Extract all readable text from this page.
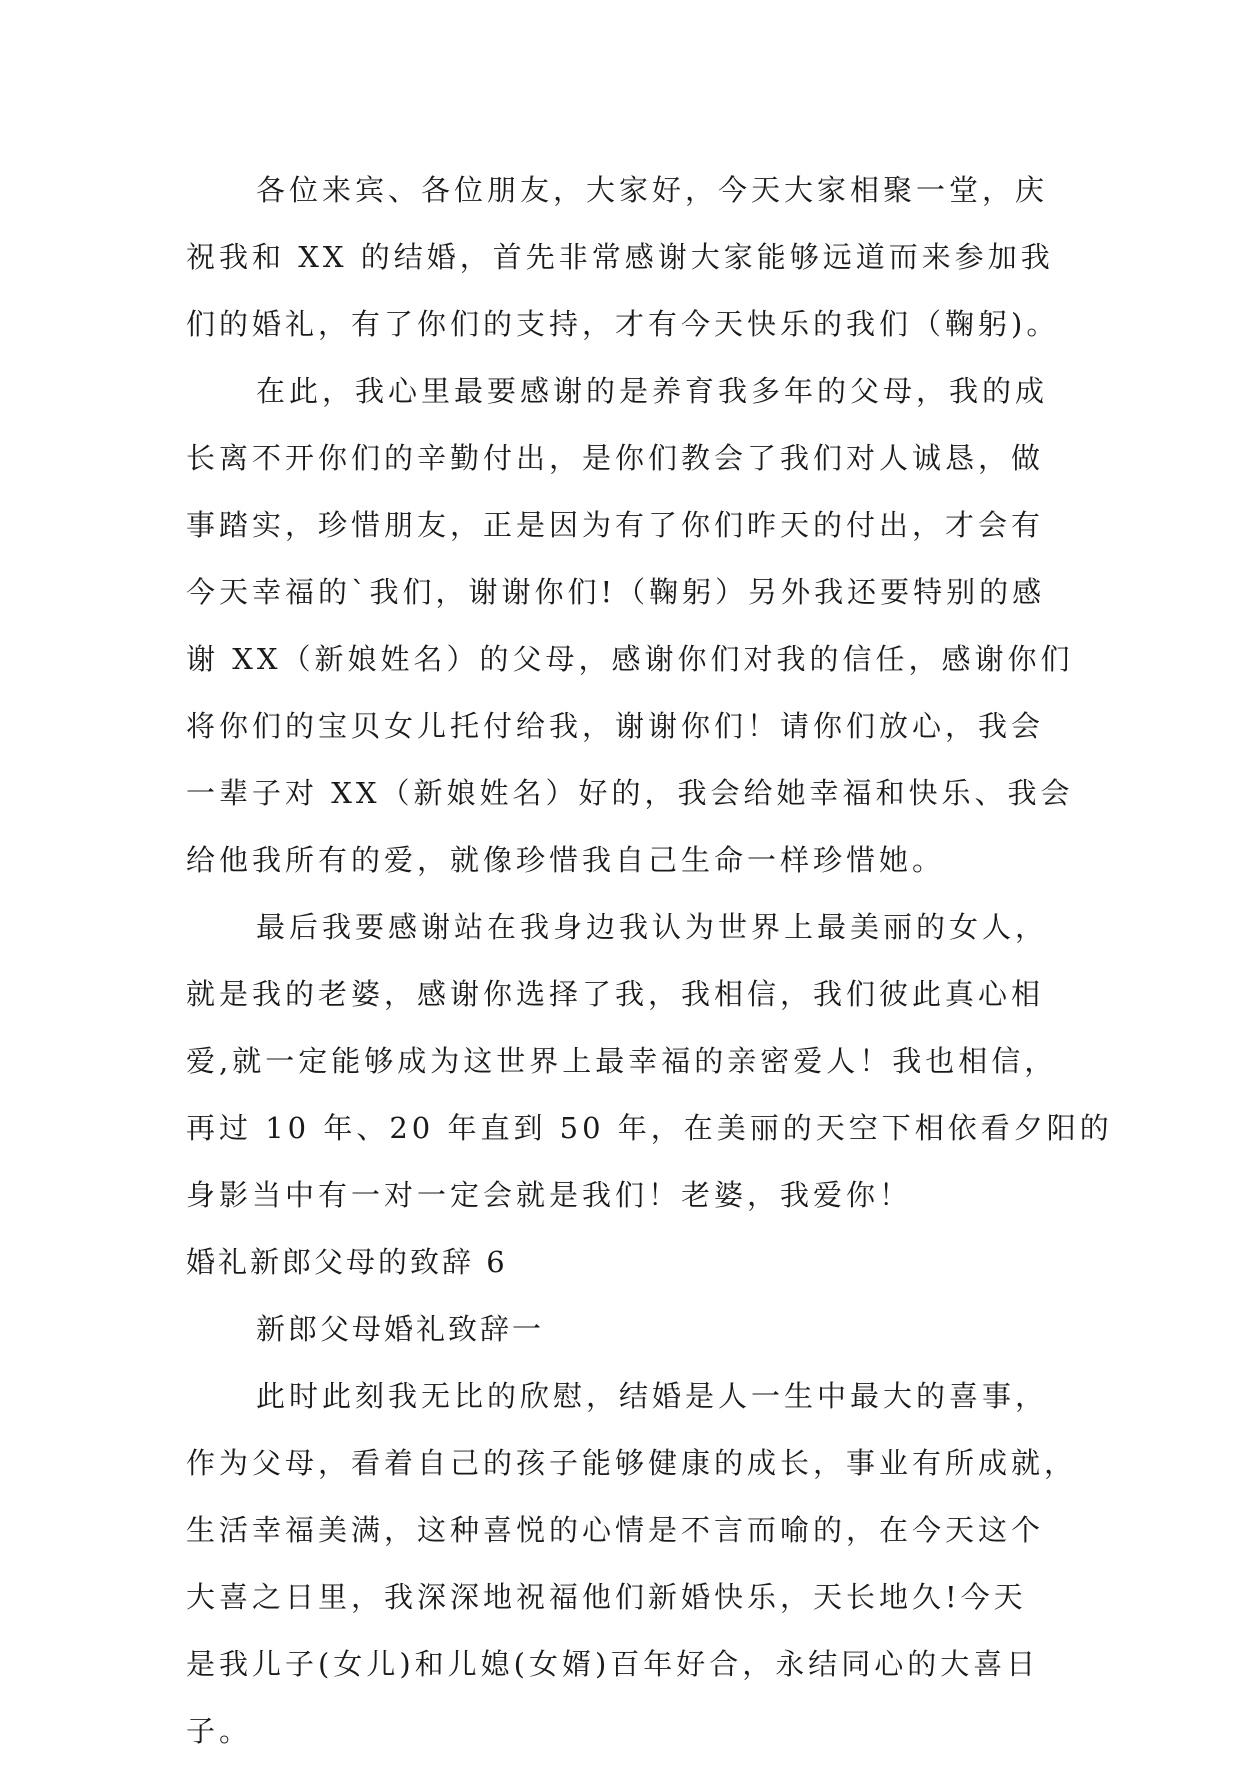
各位来宾、各位朋友，大家好，今天大家相聚一堂，庆
祝我和 XX 的结婚，首先非常感谢大家能够远道而来参加我
们的婚礼，有了你们的支持，才有今天快乐的我们（鞠躬)。
在此，我心里最要感谢的是养育我多年的父母，我的成
长离不开你们的辛勤付出，是你们教会了我们对人诚恳，做
事踏实，珍惜朋友，正是因为有了你们昨天的付出，才会有
今天幸福的`我们，谢谢你们!（鞠躬）另外我还要特别的感
谢 XX（新娘姓名）的父母，感谢你们对我的信任，感谢你们
将你们的宝贝女儿托付给我，谢谢你们！请你们放心，我会
一辈子对 XX（新娘姓名）好的，我会给她幸福和快乐、我会
给他我所有的爱，就像珍惜我自己生命一样珍惜她。
最后我要感谢站在我身边我认为世界上最美丽的女人，
就是我的老婆，感谢你选择了我，我相信，我们彼此真心相
爱,就一定能够成为这世界上最幸福的亲密爱人！我也相信，
再过 10 年、20 年直到 50 年，在美丽的天空下相依看夕阳的
身影当中有一对一定会就是我们！老婆，我爱你！
婚礼新郎父母的致辞 6
新郎父母婚礼致辞一
此时此刻我无比的欣慰，结婚是人一生中最大的喜事，
作为父母，看着自己的孩子能够健康的成长，事业有所成就，
生活幸福美满，这种喜悦的心情是不言而喻的，在今天这个
大喜之日里，我深深地祝福他们新婚快乐，天长地久!今天
是我儿子(女儿)和儿媳(女婿)百年好合，永结同心的大喜日
子。
